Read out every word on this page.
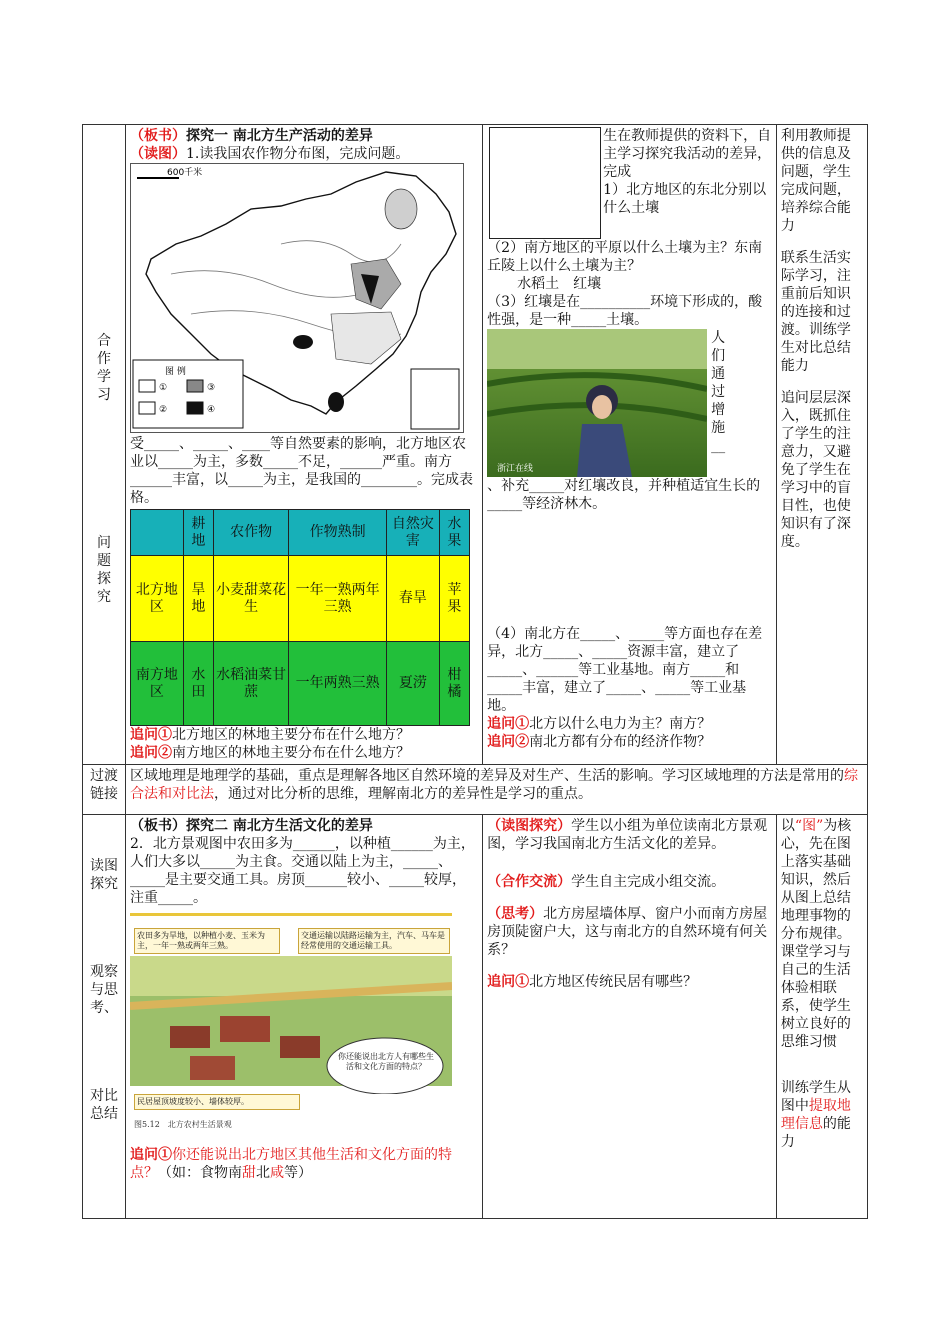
合作学习
问题探究

（板书）探究一 南北方生产活动的差异
（读图）1.读我国农作物分布图，完成问题。
600千米
图 例
①	③
②	④
受_____、_____、____等自然要素的影响，北方地区农业以_____为主，多数_____不足，______严重。南方______丰富，以_____为主，是我国的________。完成表格。
	耕地	农作物	作物熟制	自然灾害	水果
北方地区	旱地	小麦甜菜花生	一年一熟两年三熟	春旱	苹果
南方地区	水田	水稻油菜甘蔗	一年两熟三熟	夏涝	柑橘
追问①北方地区的林地主要分布在什么地方？
追问②南方地区的林地主要分布在什么地方？

生在教师提供的资料下，自主学习探究我活动的差异，完成
1）北方地区的东北分别以什么土壤
（2）南方地区的平原以什么土壤为主？东南丘陵上以什么土壤为主？
水稻土　红壤
（3）红壤是在__________环境下形成的，酸性强，是一种_____土壤。
浙江在线
人们通过增施__
、补充_____对红壤改良，并种植适宜生长的_____等经济林木。
（4）南北方在_____、_____等方面也存在差异，北方_____、_____资源丰富，建立了_____、______等工业基地。南方_____和_____丰富，建立了_____、_____等工业基地。
追问①北方以什么电力为主？南方？
追问②南北方都有分布的经济作物？

利用教师提供的信息及问题，学生完成问题，培养综合能力
联系生活实际学习，注重前后知识的连接和过渡。训练学生对比总结能力
追问层层深入，既抓住了学生的注意力，又避免了学生在学习中的盲目性，也使知识有了深度。

过渡链接
	区域地理是地理学的基础，重点是理解各地区自然环境的差异及对生产、生活的影响。学习区域地理的方法是常用的综合法和对比法，通过对比分析的思维，理解南北方的差异性是学习的重点。

读图探究
观察与思考、
对比总结

（板书）探究二 南北方生活文化的差异
2．北方景观图中农田多为______，以种植______为主，人们大多以_____为主食。交通以陆上为主，_____、_____是主要交通工具。房顶______较小、_____较厚，注重_____。
农田多为旱地，以种植小麦、玉米为主，一年一熟或两年三熟。
交通运输以陆路运输为主，汽车、马车是经常使用的交通运输工具。
民居屋顶坡度较小、墙体较厚。
你还能说出北方人有哪些生活和文化方面的特点？
图5.12　北方农村生活景观
追问①你还能说出北方地区其他生活和文化方面的特点？（如：食物南甜北咸等）

（读图探究）学生以小组为单位读南北方景观图，学习我国南北方生活文化的差异。
（合作交流）学生自主完成小组交流。
（思考）北方房屋墙体厚、窗户小而南方房屋房顶陡窗户大，这与南北方的自然环境有何关系？
追问①北方地区传统民居有哪些？

以“图”为核心，先在图上落实基础知识，然后从图上总结地理事物的分布规律。课堂学习与自己的生活体验相联系，使学生树立良好的思维习惯
训练学生从图中提取地理信息的能力
